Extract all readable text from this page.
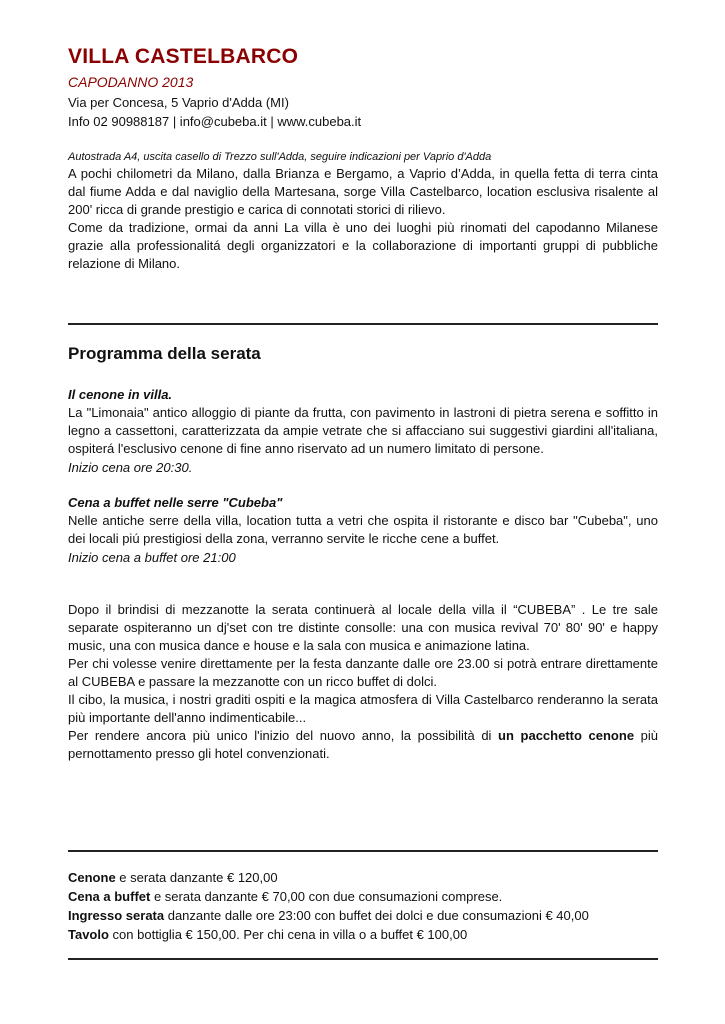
VILLA CASTELBARCO
CAPODANNO 2013
Via per Concesa, 5 Vaprio d'Adda (MI)
Info 02 90988187 | info@cubeba.it | www.cubeba.it
Autostrada A4, uscita casello di Trezzo sull'Adda, seguire indicazioni per Vaprio d'Adda

A pochi chilometri da Milano, dalla Brianza e Bergamo, a Vaprio d’Adda, in quella fetta di terra cinta dal fiume Adda e dal naviglio della Martesana, sorge Villa Castelbarco, location esclusiva risalente al 200' ricca di grande prestigio e carica di connotati storici di rilievo.

Come da tradizione, ormai da anni La villa è uno dei luoghi più rinomati del capodanno Milanese grazie alla professionalitá degli organizzatori e la collaborazione di importanti gruppi di pubbliche relazione di Milano.

Programma della serata
Il cenone in villa.

La "Limonaia" antico alloggio di piante da frutta, con pavimento in lastroni di pietra serena e soffitto in legno a cassettoni, caratterizzata da ampie vetrate che si affacciano sui suggestivi giardini all'italiana, ospiterá l'esclusivo cenone di fine anno riservato ad un numero limitato di persone.

Inizio cena ore 20:30.
Cena a buffet nelle serre "Cubeba"

Nelle antiche serre della villa, location tutta a vetri che ospita il ristorante e disco bar "Cubeba", uno dei locali piú prestigiosi della zona, verranno servite le ricche cene a buffet.

Inizio cena a buffet ore 21:00

Dopo il brindisi di mezzanotte la serata continuerà al locale della villa il “CUBEBA” . Le tre sale separate ospiteranno un dj'set con tre distinte consolle: una con musica revival 70' 80' 90' e happy music, una con musica dance e house e la sala con musica e animazione latina.

Per chi volesse venire direttamente per la festa danzante dalle ore 23.00 si potrà entrare direttamente al CUBEBA e passare la mezzanotte con un ricco buffet di dolci.

Il cibo, la musica, i nostri graditi ospiti e la magica atmosfera di Villa Castelbarco renderanno la serata più importante dell'anno indimenticabile...

Per rendere ancora più unico l'inizio del nuovo anno, la possibilità di un pacchetto cenone più pernottamento presso gli hotel convenzionati.

Cenone e serata danzante € 120,00
Cena a buffet e serata danzante € 70,00 con due consumazioni comprese.
Ingresso serata danzante dalle ore 23:00 con buffet dei dolci e due consumazioni € 40,00
Tavolo con bottiglia € 150,00. Per chi cena in villa o a buffet € 100,00
